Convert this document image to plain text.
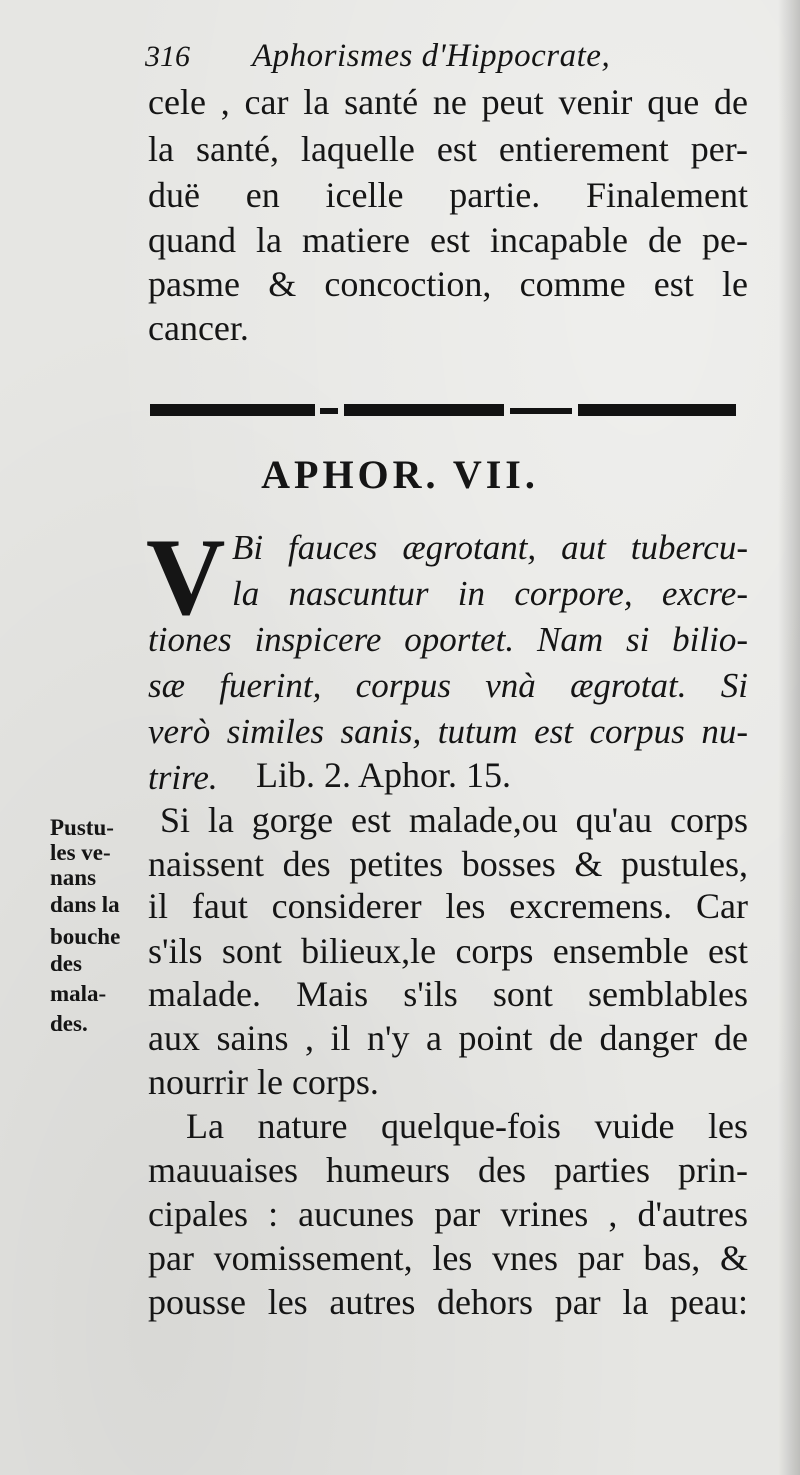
316 Aphorismes d'Hippocrate,
cele , car la santé ne peut venir que de
la santé, laquelle est entierement per-
duë en icelle partie. Finalement
quand la matiere est incapable de pe-
pasme & concoction, comme est le
cancer.
APHOR. VII.
V Bi fauces ægrotant, aut tubercu-
la nascuntur in corpore, excre-
tiones inspicere oportet. Nam si bilio-
sæ fuerint, corpus vnà ægrotat. Si
verò similes sanis, tutum est corpus nu-
trire. Lib. 2. Aphor. 15.
Pustu-
les ve-
nans
dans la
bouche
des
mala-
des.
Si la gorge est malade,ou qu'au corps
naissent des petites bosses & pustules,
il faut considerer les excremens. Car
s'ils sont bilieux,le corps ensemble est
malade. Mais s'ils sont semblables
aux sains , il n'y a point de danger de
nourrir le corps.
La nature quelque-fois vuide les
mauuaises humeurs des parties prin-
cipales : aucunes par vrines , d'autres
par vomissement, les vnes par bas, &
pousse les autres dehors par la peau:
